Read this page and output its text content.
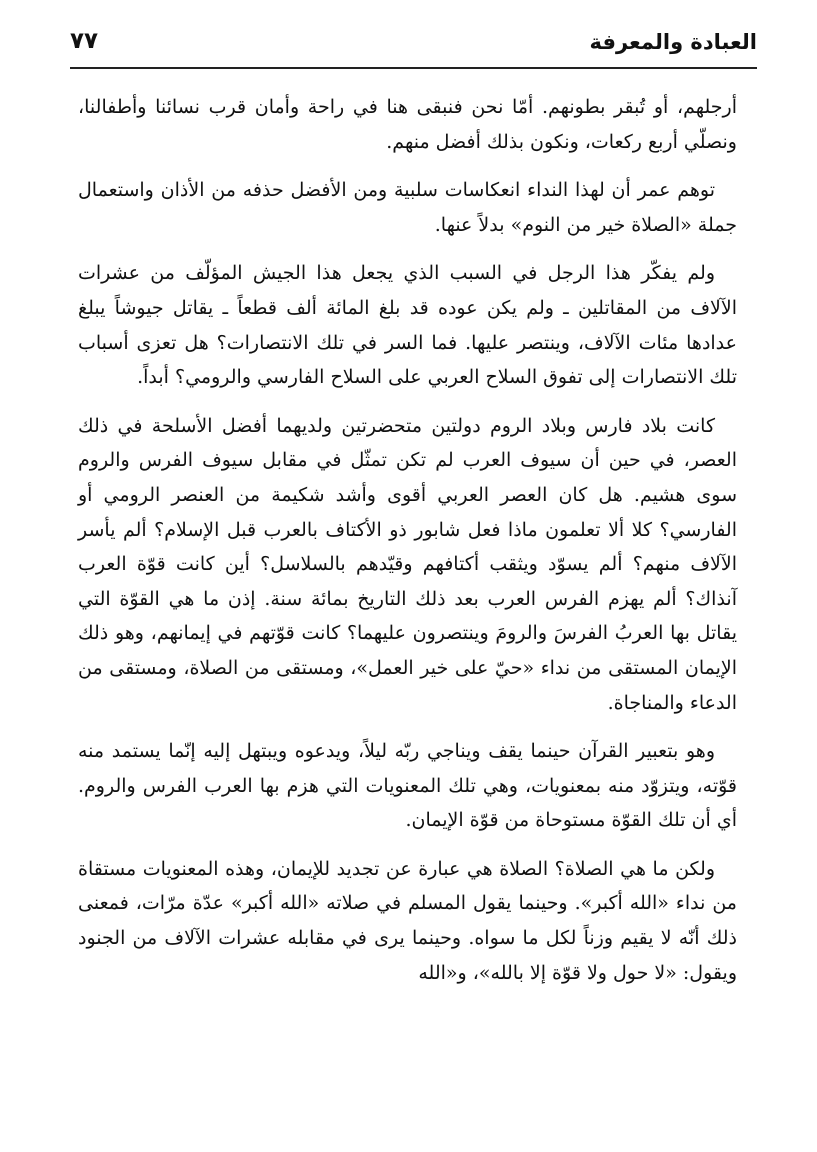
العبادة والمعرفة
٧٧

أرجلهم، أو تُبقر بطونهم. أمّا نحن فنبقى هنا في راحة وأمان قرب نسائنا وأطفالنا، ونصلّي أربع ركعات، ونكون بذلك أفضل منهم.

توهم عمر أن لهذا النداء انعكاسات سلبية ومن الأفضل حذفه من الأذان واستعمال جملة «الصلاة خير من النوم» بدلاً عنها.

ولم يفكّر هذا الرجل في السبب الذي يجعل هذا الجيش المؤلّف من عشرات الآلاف من المقاتلين ـ ولم يكن عوده قد بلغ المائة ألف قطعاً ـ يقاتل جيوشاً يبلغ عدادها مئات الآلاف، وينتصر عليها. فما السر في تلك الانتصارات؟ هل تعزى أسباب تلك الانتصارات إلى تفوق السلاح العربي على السلاح الفارسي والرومي؟ أبداً.

كانت بلاد فارس وبلاد الروم دولتين متحضرتين ولديهما أفضل الأسلحة في ذلك العصر، في حين أن سيوف العرب لم تكن تمثّل في مقابل سيوف الفرس والروم سوى هشيم. هل كان العصر العربي أقوى وأشد شكيمة من العنصر الرومي أو الفارسي؟ كلا ألا تعلمون ماذا فعل شابور ذو الأكتاف بالعرب قبل الإسلام؟ ألم يأسر الآلاف منهم؟ ألم يسوّد ويثقب أكتافهم وقيّدهم بالسلاسل؟ أين كانت قوّة العرب آنذاك؟ ألم يهزم الفرس العرب بعد ذلك التاريخ بمائة سنة. إذن ما هي القوّة التي يقاتل بها العربُ الفرسَ والرومَ وينتصرون عليهما؟ كانت قوّتهم في إيمانهم، وهو ذلك الإيمان المستقى من نداء «حيّ على خير العمل»، ومستقى من الصلاة، ومستقى من الدعاء والمناجاة.

وهو بتعبير القرآن حينما يقف ويناجي ربّه ليلاً، ويدعوه ويبتهل إليه إنّما يستمد منه قوّته، ويتزوّد منه بمعنويات، وهي تلك المعنويات التي هزم بها العرب الفرس والروم. أي أن تلك القوّة مستوحاة من قوّة الإيمان.

ولكن ما هي الصلاة؟ الصلاة هي عبارة عن تجديد للإيمان، وهذه المعنويات مستقاة من نداء «الله أكبر». وحينما يقول المسلم في صلاته «الله أكبر» عدّة مرّات، فمعنى ذلك أنّه لا يقيم وزناً لكل ما سواه. وحينما يرى في مقابله عشرات الآلاف من الجنود ويقول: «لا حول ولا قوّة إلا بالله»، و«الله
